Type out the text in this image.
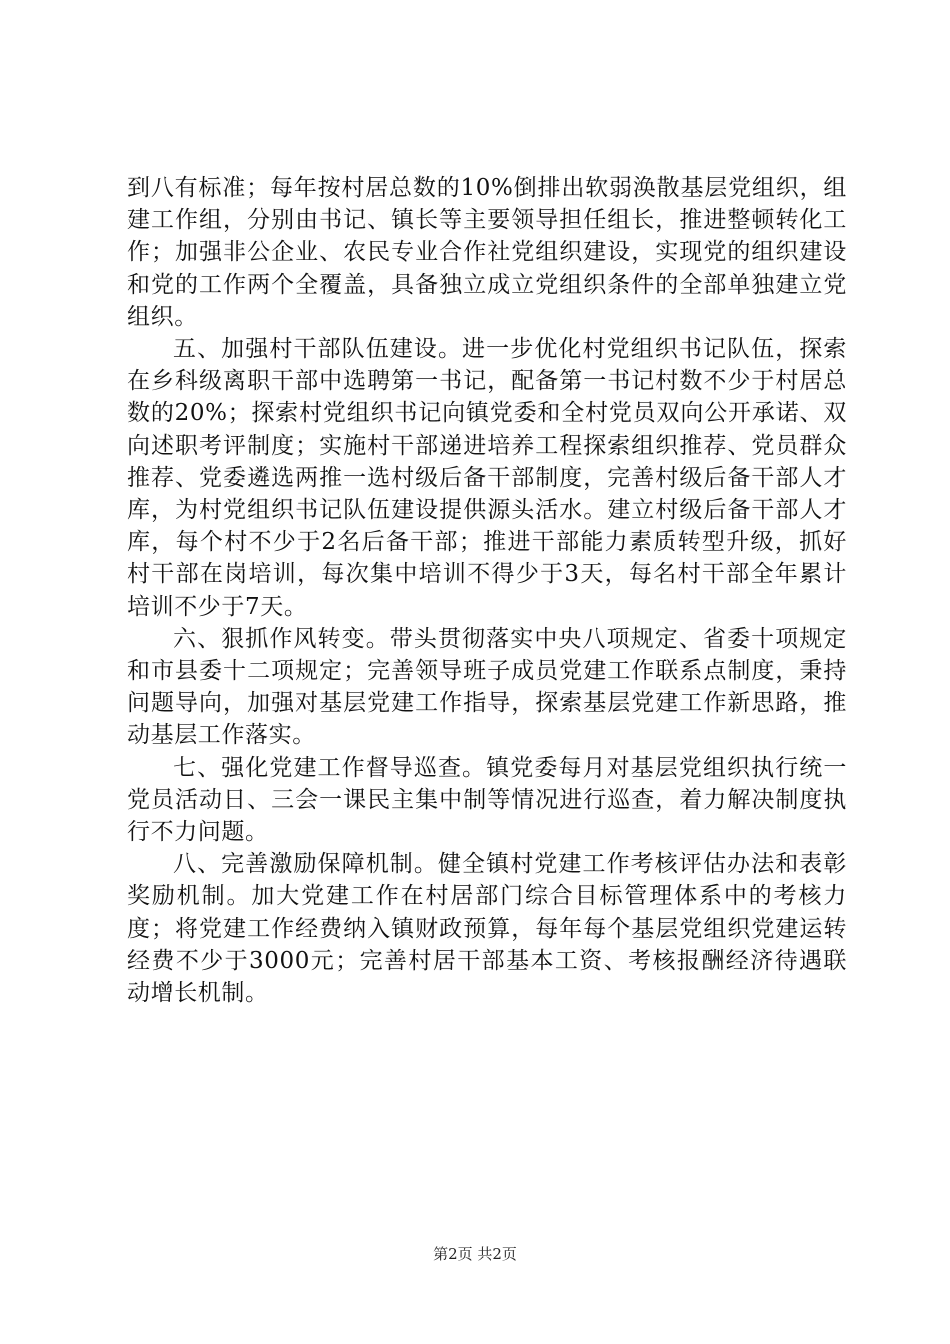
到八有标准；每年按村居总数的10%倒排出软弱涣散基层党组织，组建工作组，分别由书记、镇长等主要领导担任组长，推进整顿转化工作；加强非公企业、农民专业合作社党组织建设，实现党的组织建设和党的工作两个全覆盖，具备独立成立党组织条件的全部单独建立党组织。

五、加强村干部队伍建设。进一步优化村党组织书记队伍，探索在乡科级离职干部中选聘第一书记，配备第一书记村数不少于村居总数的20%；探索村党组织书记向镇党委和全村党员双向公开承诺、双向述职考评制度；实施村干部递进培养工程探索组织推荐、党员群众推荐、党委遴选两推一选村级后备干部制度，完善村级后备干部人才库，为村党组织书记队伍建设提供源头活水。建立村级后备干部人才库，每个村不少于2名后备干部；推进干部能力素质转型升级，抓好村干部在岗培训，每次集中培训不得少于3天，每名村干部全年累计培训不少于7天。

六、狠抓作风转变。带头贯彻落实中央八项规定、省委十项规定和市县委十二项规定；完善领导班子成员党建工作联系点制度，秉持问题导向，加强对基层党建工作指导，探索基层党建工作新思路，推动基层工作落实。

七、强化党建工作督导巡查。镇党委每月对基层党组织执行统一党员活动日、三会一课民主集中制等情况进行巡查，着力解决制度执行不力问题。

八、完善激励保障机制。健全镇村党建工作考核评估办法和表彰奖励机制。加大党建工作在村居部门综合目标管理体系中的考核力度；将党建工作经费纳入镇财政预算，每年每个基层党组织党建运转经费不少于3000元；完善村居干部基本工资、考核报酬经济待遇联动增长机制。

第2页 共2页
